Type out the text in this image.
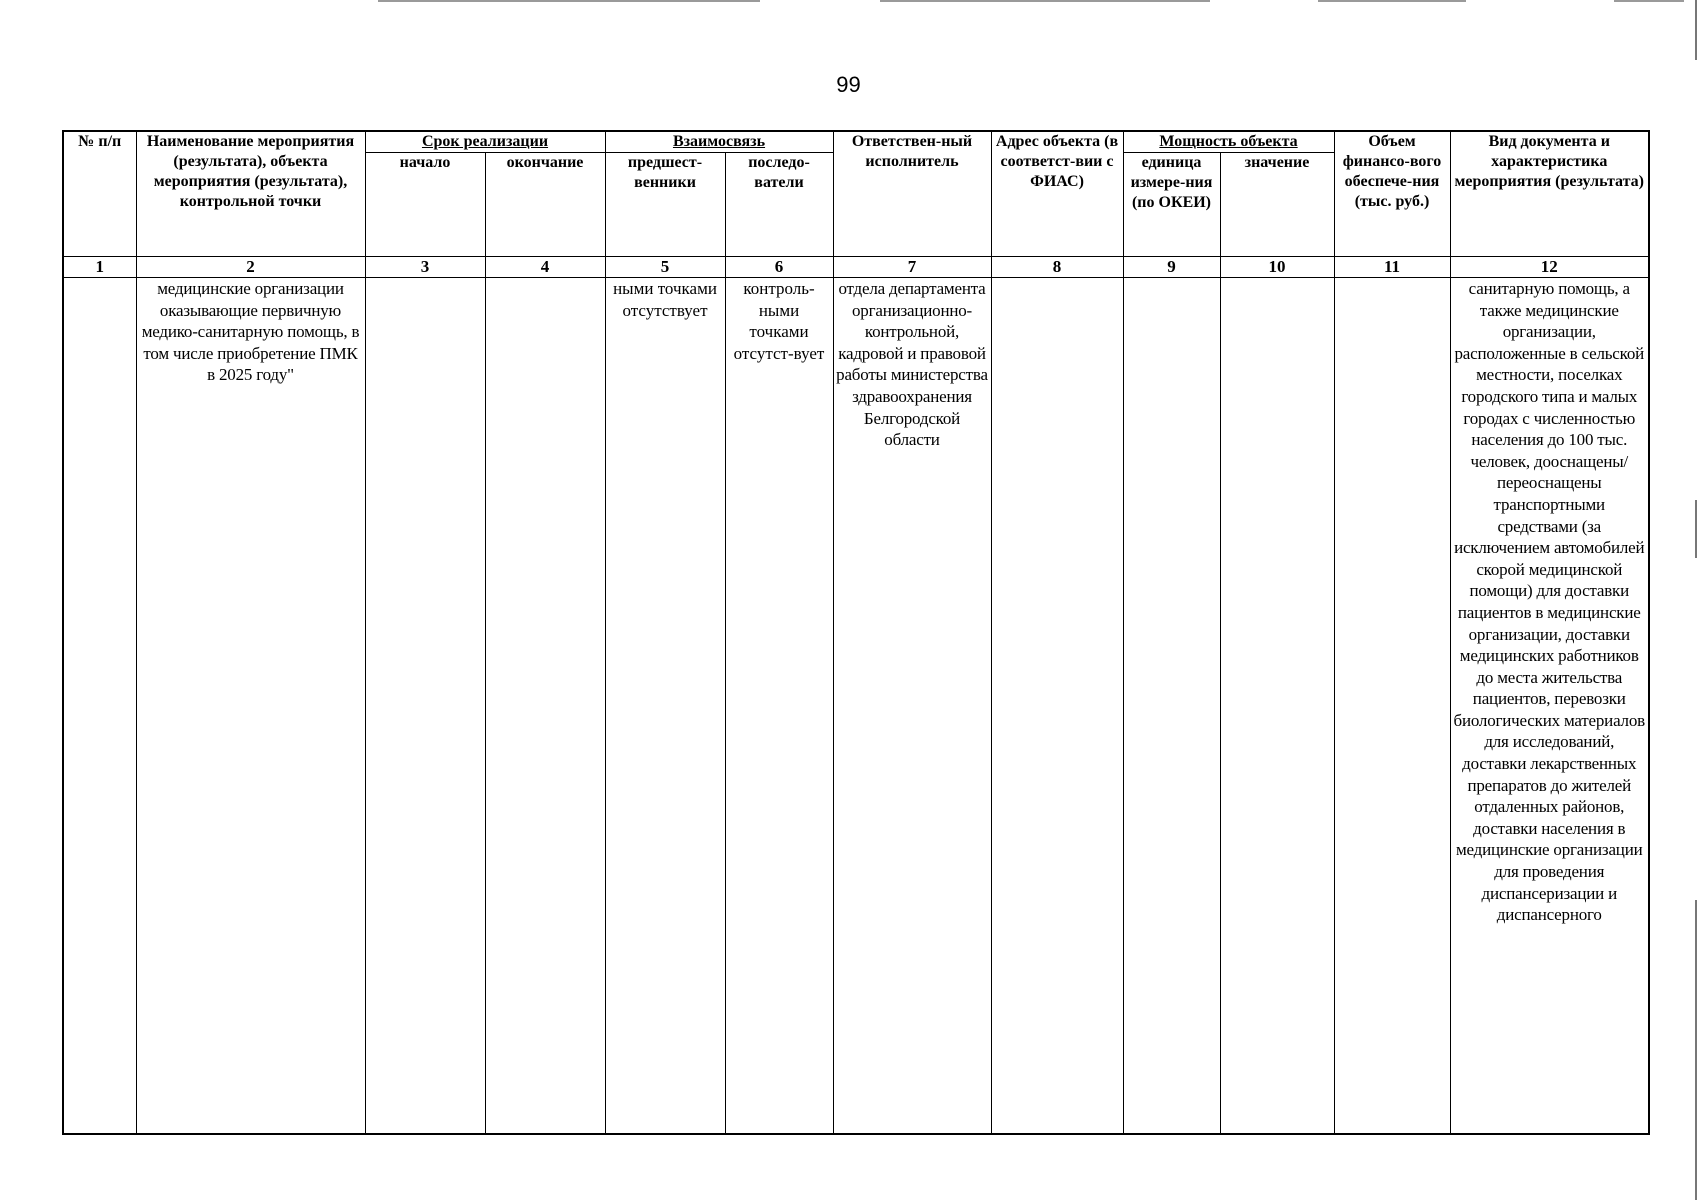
99
№ п/п	Наименование мероприятия (результата), объекта мероприятия (результата), контрольной точки	Срок реализации		Взаимосвязь		Ответствен-ный исполнитель	Адрес объекта (в соответст-вии с ФИАС)	Мощность объекта		Объем финансо-вого обеспече-ния (тыс. руб.)	Вид документа и характеристика мероприятия (результата)
		начало	окончание	предшест-венники	последо-ватели			единица измере-ния (по ОКЕИ)	значение		
1	2	3	4	5	6	7	8	9	10	11	12
	медицинские организации оказывающие первичную медико-санитарную помощь, в том числе приобретение ПМК в 2025 году"			ными точками отсутствует	контроль-ными точками отсутст-вует	отдела департамента организационно-контрольной, кадровой и правовой работы министерства здравоохранения Белгородской области					санитарную помощь, а также медицинские организации, расположенные в сельской местности, поселках городского типа и малых городах с численностью населения до 100 тыс. человек, дооснащены/ переоснащены транспортными средствами (за исключением автомобилей скорой медицинской помощи) для доставки пациентов в медицинские организации, доставки медицинских работников до места жительства пациентов, перевозки биологических материалов для исследований, доставки лекарственных препаратов до жителей отдаленных районов, доставки населения в медицинские организации для проведения диспансеризации и диспансерного
